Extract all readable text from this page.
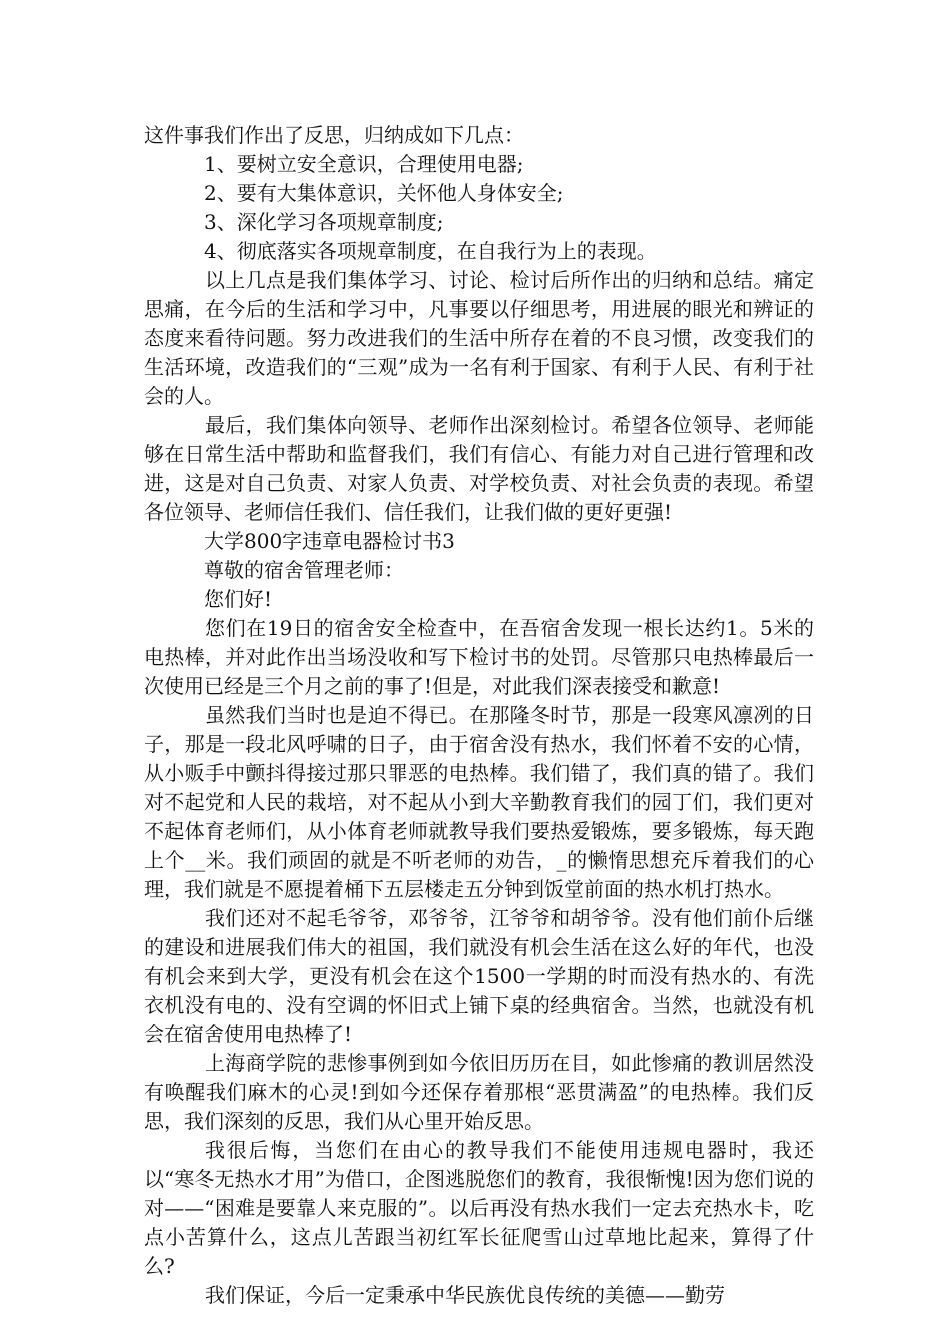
这件事我们作出了反思，归纳成如下几点：

1、要树立安全意识，合理使用电器;

2、要有大集体意识，关怀他人身体安全;

3、深化学习各项规章制度;

4、彻底落实各项规章制度，在自我行为上的表现。

以上几点是我们集体学习、讨论、检讨后所作出的归纳和总结。痛定思痛，在今后的生活和学习中，凡事要以仔细思考，用进展的眼光和辨证的态度来看待问题。努力改进我们的生活中所存在着的不良习惯，改变我们的生活环境，改造我们的“三观”成为一名有利于国家、有利于人民、有利于社会的人。

最后，我们集体向领导、老师作出深刻检讨。希望各位领导、老师能够在日常生活中帮助和监督我们，我们有信心、有能力对自己进行管理和改进，这是对自己负责、对家人负责、对学校负责、对社会负责的表现。希望各位领导、老师信任我们、信任我们，让我们做的更好更强!

大学800字违章电器检讨书3

尊敬的宿舍管理老师：

您们好!

您们在19日的宿舍安全检查中，在吾宿舍发现一根长达约1。5米的电热棒，并对此作出当场没收和写下检讨书的处罚。尽管那只电热棒最后一次使用已经是三个月之前的事了!但是，对此我们深表接受和歉意!

虽然我们当时也是迫不得已。在那隆冬时节，那是一段寒风凛冽的日子，那是一段北风呼啸的日子，由于宿舍没有热水，我们怀着不安的心情，从小贩手中颤抖得接过那只罪恶的电热棒。我们错了，我们真的错了。我们对不起党和人民的栽培，对不起从小到大辛勤教育我们的园丁们，我们更对不起体育老师们，从小体育老师就教导我们要热爱锻炼，要多锻炼，每天跑上个__米。我们顽固的就是不听老师的劝告，_的懒惰思想充斥着我们的心理，我们就是不愿提着桶下五层楼走五分钟到饭堂前面的热水机打热水。

我们还对不起毛爷爷，邓爷爷，江爷爷和胡爷爷。没有他们前仆后继的建设和进展我们伟大的祖国，我们就没有机会生活在这么好的年代，也没有机会来到大学，更没有机会在这个1500一学期的时而没有热水的、有洗衣机没有电的、没有空调的怀旧式上铺下桌的经典宿舍。当然，也就没有机会在宿舍使用电热棒了!

上海商学院的悲惨事例到如今依旧历历在目，如此惨痛的教训居然没有唤醒我们麻木的心灵!到如今还保存着那根“恶贯满盈”的电热棒。我们反思，我们深刻的反思，我们从心里开始反思。

我很后悔，当您们在由心的教导我们不能使用违规电器时，我还以“寒冬无热水才用”为借口，企图逃脱您们的教育，我很惭愧!因为您们说的对——“困难是要靠人来克服的”。以后再没有热水我们一定去充热水卡，吃点小苦算什么，这点儿苦跟当初红军长征爬雪山过草地比起来，算得了什么?

我们保证，今后一定秉承中华民族优良传统的美德——勤劳
